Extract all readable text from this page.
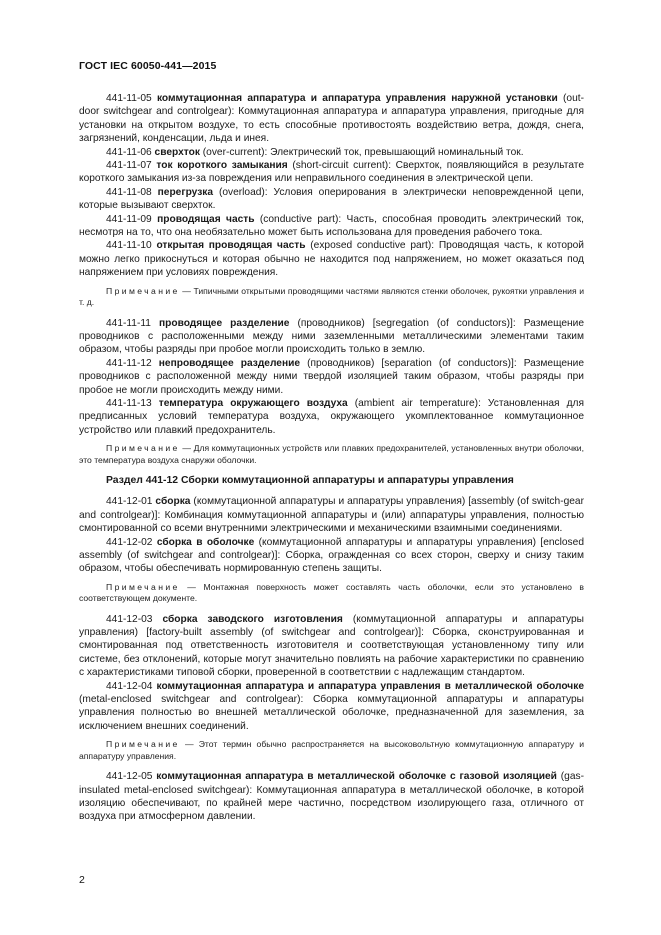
ГОСТ IEC 60050-441—2015

441-11-05 коммутационная аппаратура и аппаратура управления наружной установки (out-door switchgear and controlgear): Коммутационная аппаратура и аппаратура управления, пригодные для установки на открытом воздухе, то есть способные противостоять воздействию ветра, дождя, снега, загрязнений, конденсации, льда и инея.

441-11-06 сверхток (over-current): Электрический ток, превышающий номинальный ток.

441-11-07 ток короткого замыкания (short-circuit current): Сверхток, появляющийся в результате короткого замыкания из-за повреждения или неправильного соединения в электрической цепи.

441-11-08 перегрузка (overload): Условия оперирования в электрически неповрежденной цепи, которые вызывают сверхток.

441-11-09 проводящая часть (conductive part): Часть, способная проводить электрический ток, несмотря на то, что она необязательно может быть использована для проведения рабочего тока.

441-11-10 открытая проводящая часть (exposed conductive part): Проводящая часть, к которой можно легко прикоснуться и которая обычно не находится под напряжением, но может оказаться под напряжением при условиях повреждения.

Примечание — Типичными открытыми проводящими частями являются стенки оболочек, рукоятки управления и т. д.

441-11-11 проводящее разделение (проводников) [segregation (of conductors)]: Размещение проводников с расположенными между ними заземленными металлическими элементами таким образом, чтобы разряды при пробое могли происходить только в землю.

441-11-12 непроводящее разделение (проводников) [separation (of conductors)]: Размещение проводников с расположенной между ними твердой изоляцией таким образом, чтобы разряды при пробое не могли происходить между ними.

441-11-13 температура окружающего воздуха (ambient air temperature): Установленная для предписанных условий температура воздуха, окружающего укомплектованное коммутационное устройство или плавкий предохранитель.

Примечание — Для коммутационных устройств или плавких предохранителей, установленных внутри оболочки, это температура воздуха снаружи оболочки.
Раздел 441-12 Сборки коммутационной аппаратуры и аппаратуры управления

441-12-01 сборка (коммутационной аппаратуры и аппаратуры управления) [assembly (of switch-gear and controlgear)]: Комбинация коммутационной аппаратуры и (или) аппаратуры управления, полностью смонтированной со всеми внутренними электрическими и механическими взаимными соединениями.

441-12-02 сборка в оболочке (коммутационной аппаратуры и аппаратуры управления) [enclosed assembly (of switchgear and controlgear)]: Сборка, огражденная со всех сторон, сверху и снизу таким образом, чтобы обеспечивать нормированную степень защиты.

Примечание — Монтажная поверхность может составлять часть оболочки, если это установлено в соответствующем документе.

441-12-03 сборка заводского изготовления (коммутационной аппаратуры и аппаратуры управления) [factory-built assembly (of switchgear and controlgear)]: Сборка, сконструированная и смонтированная под ответственность изготовителя и соответствующая установленному типу или системе, без отклонений, которые могут значительно повлиять на рабочие характеристики по сравнению с характеристиками типовой сборки, проверенной в соответствии с надлежащим стандартом.

441-12-04 коммутационная аппаратура и аппаратура управления в металлической оболочке (metal-enclosed switchgear and controlgear): Сборка коммутационной аппаратуры и аппаратуры управления полностью во внешней металлической оболочке, предназначенной для заземления, за исключением внешних соединений.

Примечание — Этот термин обычно распространяется на высоковольтную коммутационную аппаратуру и аппаратуру управления.

441-12-05 коммутационная аппаратура в металлической оболочке с газовой изоляцией (gas-insulated metal-enclosed switchgear): Коммутационная аппаратура в металлической оболочке, в которой изоляцию обеспечивают, по крайней мере частично, посредством изолирующего газа, отличного от воздуха при атмосферном давлении.

2
